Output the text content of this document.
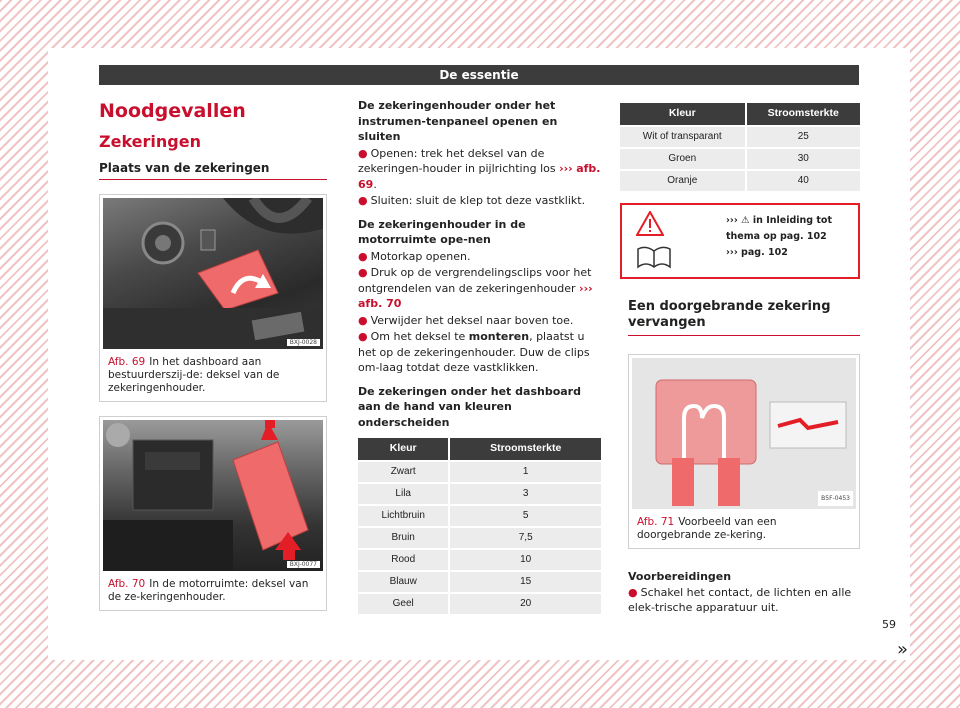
De essentie
Noodgevallen
Zekeringen
Plaats van de zekeringen
BXJ-0028
Afb. 69 In het dashboard aan bestuurderszij-de: deksel van de zekeringenhouder.
BXJ-0077
Afb. 70 In de motorruimte: deksel van de ze-keringenhouder.

De zekeringenhouder onder het instrumen-tenpaneel openen en sluiten

● Openen: trek het deksel van de zekeringen-houder in pijlrichting los ››› afb. 69.

● Sluiten: sluit de klep tot deze vastklikt.

De zekeringenhouder in de motorruimte ope-nen

● Motorkap openen.

● Druk op de vergrendelingsclips voor het ontgrendelen van de zekeringenhouder ››› afb. 70

● Verwijder het deksel naar boven toe.

● Om het deksel te monteren, plaatst u het op de zekeringenhouder. Duw de clips om-laag totdat deze vastklikken.

De zekeringen onder het dashboard aan de hand van kleuren onderscheiden

Kleur	Stroomsterkte
Zwart	1
Lila	3
Lichtbruin	5
Bruin	7,5
Rood	10
Blauw	15
Geel	20
Kleur	Stroomsterkte
Wit of transparant	25
Groen	30
Oranje	40
››› ⚠ in Inleiding tot thema op pag. 102
››› pag. 102
Een doorgebrande zekering vervangen
B5F-0453
Afb. 71 Voorbeeld van een doorgebrande ze-kering.

Voorbereidingen

● Schakel het contact, de lichten en alle elek-trische apparatuur uit.

»
59
